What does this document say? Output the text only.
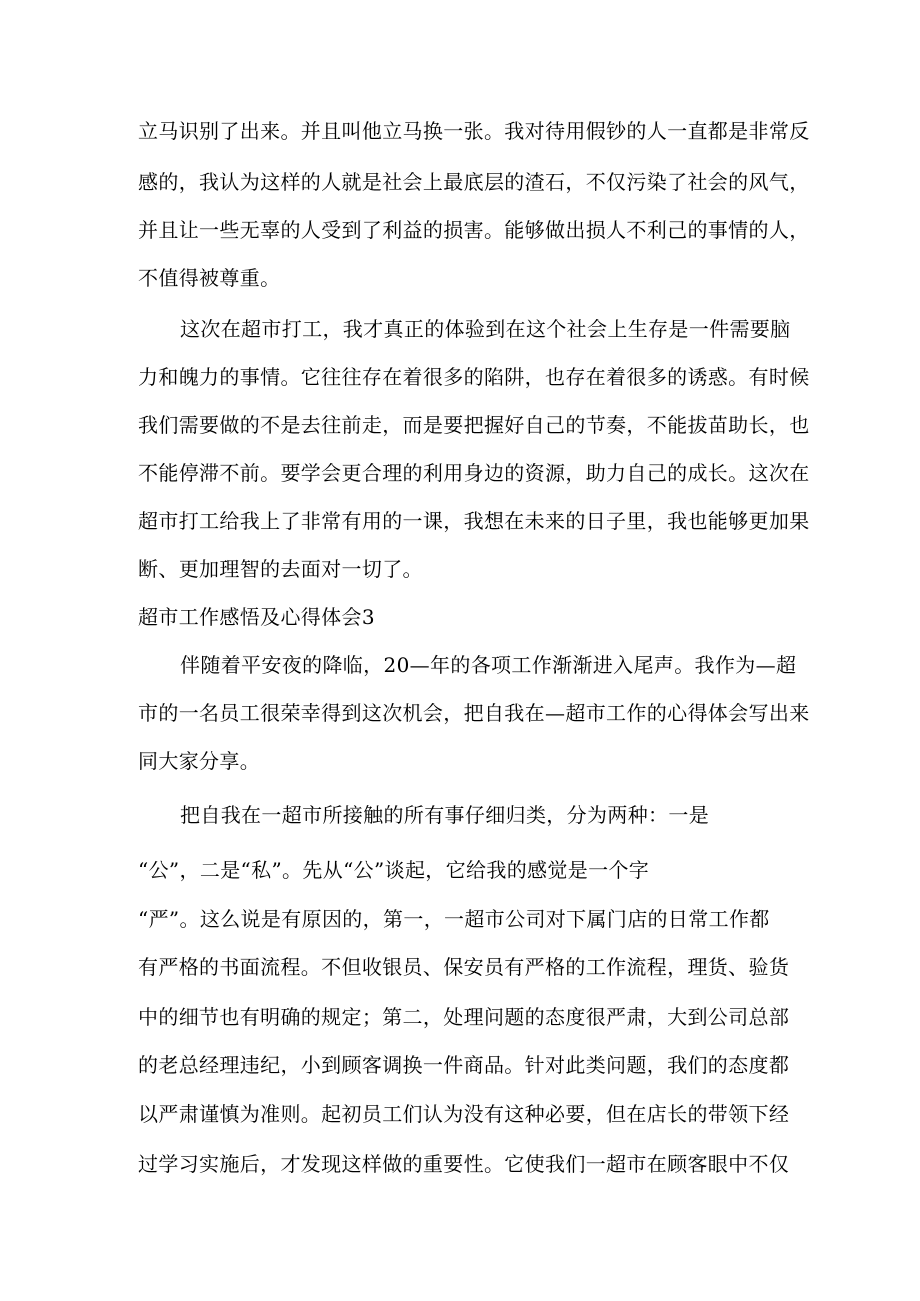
立马识别了出来。并且叫他立马换一张。我对待用假钞的人一直都是非常反
感的，我认为这样的人就是社会上最底层的渣石，不仅污染了社会的风气，
并且让一些无辜的人受到了利益的损害。能够做出损人不利己的事情的人，
不值得被尊重。
这次在超市打工，我才真正的体验到在这个社会上生存是一件需要脑
力和魄力的事情。它往往存在着很多的陷阱，也存在着很多的诱惑。有时候
我们需要做的不是去往前走，而是要把握好自己的节奏，不能拔苗助长，也
不能停滞不前。要学会更合理的利用身边的资源，助力自己的成长。这次在
超市打工给我上了非常有用的一课，我想在未来的日子里，我也能够更加果
断、更加理智的去面对一切了。
超市工作感悟及心得体会3
伴随着平安夜的降临，20—年的各项工作渐渐进入尾声。我作为—超
市的一名员工很荣幸得到这次机会，把自我在—超市工作的心得体会写出来
同大家分享。
把自我在一超市所接触的所有事仔细归类，分为两种：一是
“公”，二是“私”。先从“公”谈起，它给我的感觉是一个字
“严”。这么说是有原因的，第一，一超市公司对下属门店的日常工作都
有严格的书面流程。不但收银员、保安员有严格的工作流程，理货、验货
中的细节也有明确的规定；第二，处理问题的态度很严肃，大到公司总部
的老总经理违纪，小到顾客调换一件商品。针对此类问题，我们的态度都
以严肃谨慎为准则。起初员工们认为没有这种必要，但在店长的带领下经
过学习实施后，才发现这样做的重要性。它使我们一超市在顾客眼中不仅
